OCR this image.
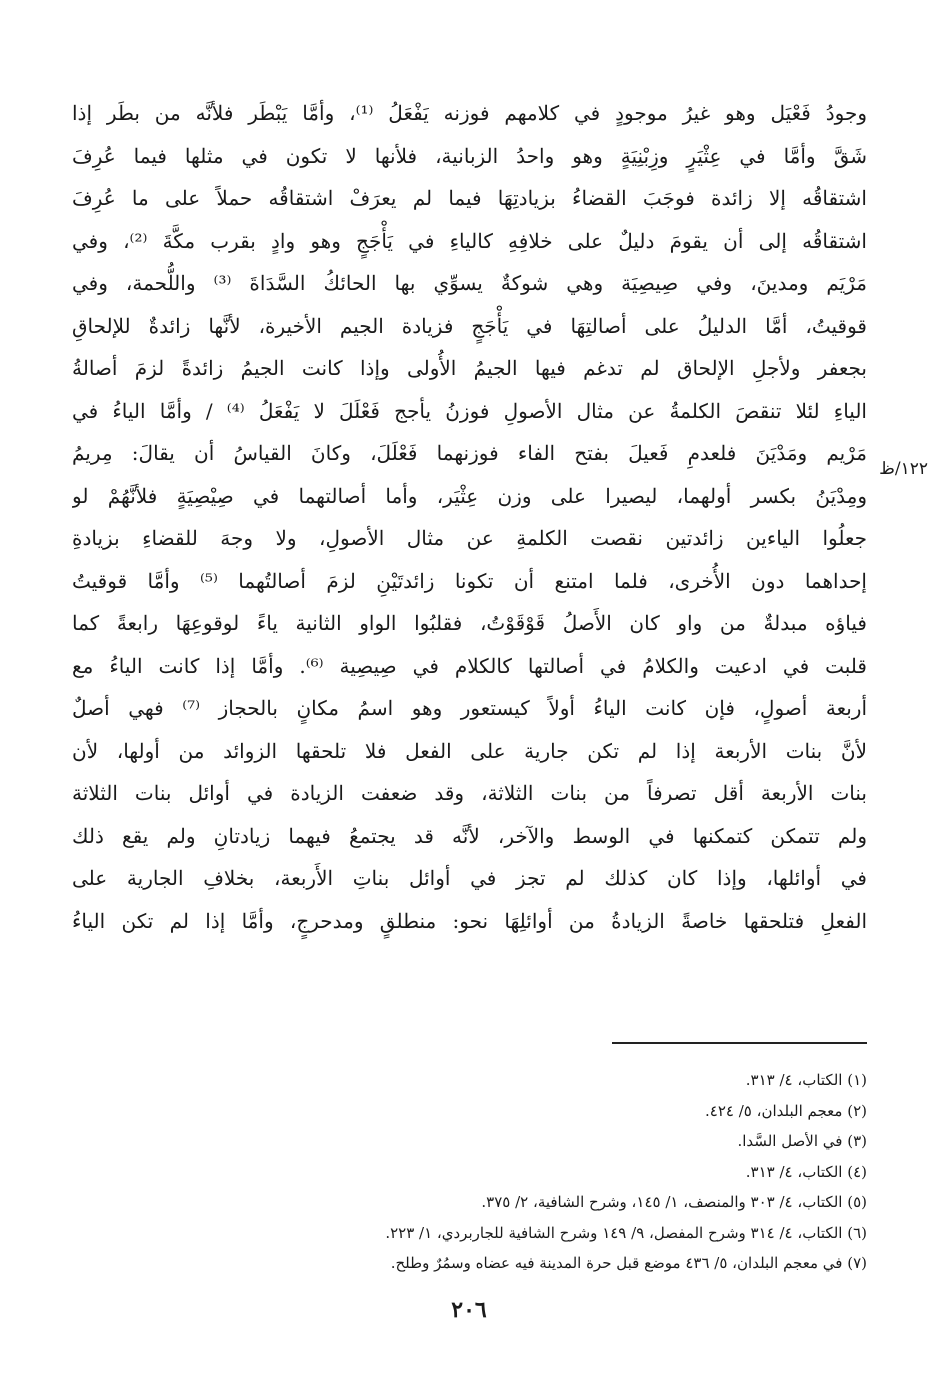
وجودُ فَعْيَل وهو غيرُ موجودٍ في كلامهم فوزنه يَفْعَلُ ⁽¹⁾، وأمَّا يَبْطَر فلأنَّه من بطَر إذا
شَقَّ وأمَّا في عِثْيَرٍ وزِبْنِيَةٍ وهو واحدُ الزبانية، فلأنها لا تكون في مثلها فيما عُرِفَ
اشتقاقُه إلا زائدة فوجَبَ القضاءُ بزيادتِهَا فيما لم يعرَفْ اشتقاقُه حملاً على ما عُرِفَ
اشتقاقُه إلى أن يقومَ دليلٌ على خلافِهِ كالياءِ في يَأْجَجٍ وهو وادٍ بقرب مكَّةَ ⁽²⁾، وفي
مَرْيَم ومدينَ، وفي صِيصِيَة وهي شوكةٌ يسوِّي بها الحائكُ السَّدَاةَ ⁽³⁾ واللُّحمة، وفي
قوقيتُ، أمَّا الدليلُ على أصالتِهَا في يَأْجَجٍ فزيادة الجيم الأخيرة، لأنَّها زائدةٌ للإلحاقِ
بجعفر ولأجلِ الإلحاق لم تدغم فيها الجيمُ الأُولى وإذا كانت الجيمُ زائدةً لزمَ أصالةُ
الياءِ لئلا تنقصَ الكلمةُ عن مثال الأصولِ فوزنُ يأجج فَعْلَلَ لا يَفْعَلُ ⁽⁴⁾ / وأمَّا الياءُ في
مَرْيم ومَدْيَنَ فلعدمِ فَعيلَ بفتح الفاء فوزنهما فَعْلَلَ، وكانَ القياسُ أن يقالَ: مِريمُ
ومِدْيَنُ بكسر أولهما، ليصيرا على وزن عِثْيَر، وأما أصالتهما في صِيْصِيَةٍ فلأنَّهُمْ لو
جعلُوا الياءين زائدتين نقصت الكلمةِ عن مثال الأصولِ، ولا وجهَ للقضاءِ بزيادةِ
إحداهما دون الأُخرى، فلما امتنع أن تكونا زائدتَيْنِ لزمَ أصالتُهما ⁽⁵⁾ وأمَّا قوقيتُ
فياؤه مبدلةٌ من واو كان الأَصلُ قَوْقَوْتُ، فقلبُوا الواو الثانية ياءً لوقوعِهَا رابعةً كما
قلبت في ادعيت والكلامُ في أصالتها كالكلام في صِيصِية ⁽⁶⁾. وأمَّا إذا كانت الياءُ مع
أربعة أصولٍ، فإن كانت الياءُ أولاً كيستعور وهو اسمُ مكانٍ بالحجاز ⁽⁷⁾ فهي أصلٌ
لأنَّ بنات الأربعة إذا لم تكن جارية على الفعل فلا تلحقها الزوائد من أولها، لأن
بنات الأربعة أقل تصرفاً من بنات الثلاثة، وقد ضعفت الزيادة في أوائل بنات الثلاثة
ولم تتمكن كتمكنها في الوسط والآخر، لأنَّه قد يجتمعُ فيهما زيادتانِ ولم يقع ذلك
في أوائلها، وإذا كان كذلك لم تجز في أوائل بناتِ الأَربعة، بخلافِ الجارية على
الفعلِ فتلحقها خاصةً الزيادةُ من أوائلِهَا نحو: منطلقٍ ومدحرجٍ، وأمَّا إذا لم تكن الياءُ
١٢٢/ظ
(١) الكتاب، ٤/ ٣١٣.
(٢) معجم البلدان، ٥/ ٤٢٤.
(٣) في الأصل السَّدا.
(٤) الكتاب، ٤/ ٣١٣.
(٥) الكتاب، ٤/ ٣٠٣ والمنصف، ١/ ١٤٥، وشرح الشافية، ٢/ ٣٧٥.
(٦) الكتاب، ٤/ ٣١٤ وشرح المفصل، ٩/ ١٤٩ وشرح الشافية للجاربردي، ١/ ٢٢٣.
(٧) في معجم البلدان، ٥/ ٤٣٦ موضع قبل حرة المدينة فيه عضاه وسمُرٌ وطلح.
٢٠٦
